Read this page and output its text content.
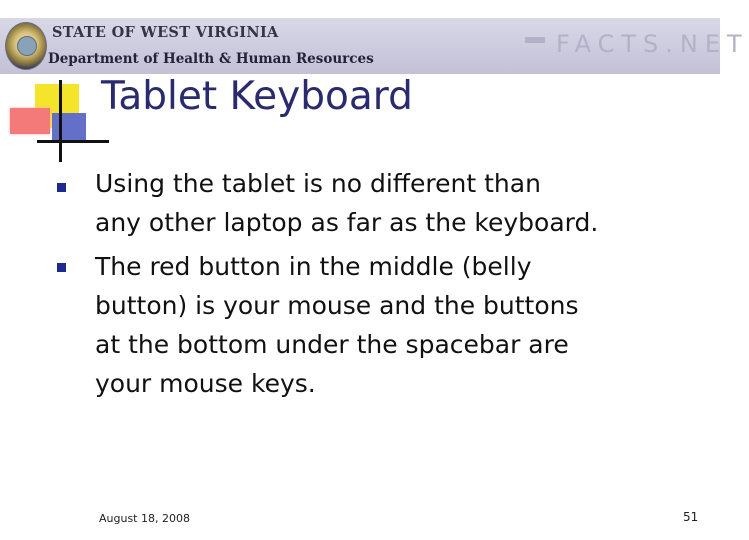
STATE OF WEST VIRGINIA
Department of Health & Human Resources
FACTS.NET
Tablet Keyboard
Using the tablet is no different than
any other laptop as far as the keyboard.
The red button in the middle (belly
button) is your mouse and the buttons
at the bottom under the spacebar are
your mouse keys.
August 18, 2008	51
